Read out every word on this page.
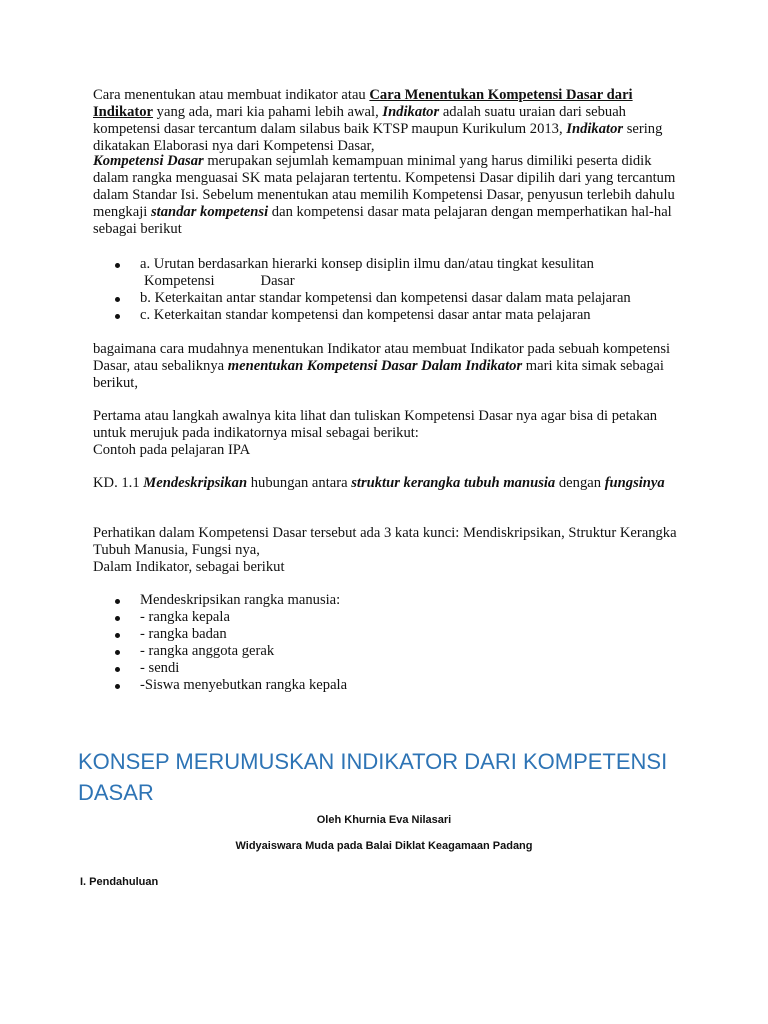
Cara menentukan atau membuat indikator atau Cara Menentukan Kompetensi Dasar dari Indikator yang ada, mari kia pahami lebih awal, Indikator adalah suatu uraian dari sebuah kompetensi dasar tercantum dalam silabus baik KTSP maupun Kurikulum 2013, Indikator sering dikatakan Elaborasi nya dari Kompetensi Dasar,

Kompetensi Dasar merupakan sejumlah kemampuan minimal yang harus dimiliki peserta didik dalam rangka menguasai SK mata pelajaran tertentu. Kompetensi Dasar dipilih dari yang tercantum dalam Standar Isi. Sebelum menentukan atau memilih Kompetensi Dasar, penyusun terlebih dahulu mengkaji standar kompetensi dan kompetensi dasar mata pelajaran dengan memperhatikan hal-hal sebagai berikut

a. Urutan berdasarkan hierarki konsep disiplin ilmu dan/atau tingkat kesulitan
Kompetensi	Dasar
b. Keterkaitan antar standar kompetensi dan kompetensi dasar dalam mata pelajaran
c. Keterkaitan standar kompetensi dan kompetensi dasar antar mata pelajaran

bagaimana cara mudahnya menentukan Indikator atau membuat Indikator pada sebuah kompetensi Dasar, atau sebaliknya menentukan Kompetensi Dasar Dalam Indikator mari kita simak sebagai berikut,

Pertama atau langkah awalnya kita lihat dan tuliskan Kompetensi Dasar nya agar bisa di petakan untuk merujuk pada indikatornya misal sebagai berikut:
Contoh pada pelajaran IPA

KD. 1.1 Mendeskripsikan hubungan antara struktur kerangka tubuh manusia dengan fungsinya

Perhatikan dalam Kompetensi Dasar tersebut ada 3 kata kunci: Mendiskripsikan, Struktur Kerangka Tubuh Manusia, Fungsi nya,
Dalam Indikator, sebagai berikut

Mendeskripsikan rangka manusia:
- rangka kepala
- rangka badan
- rangka anggota gerak
- sendi
-Siswa menyebutkan rangka kepala
KONSEP MERUMUSKAN INDIKATOR DARI KOMPETENSI DASAR

Oleh Khurnia Eva Nilasari

Widyaiswara Muda pada Balai Diklat Keagamaan Padang

I. Pendahuluan
